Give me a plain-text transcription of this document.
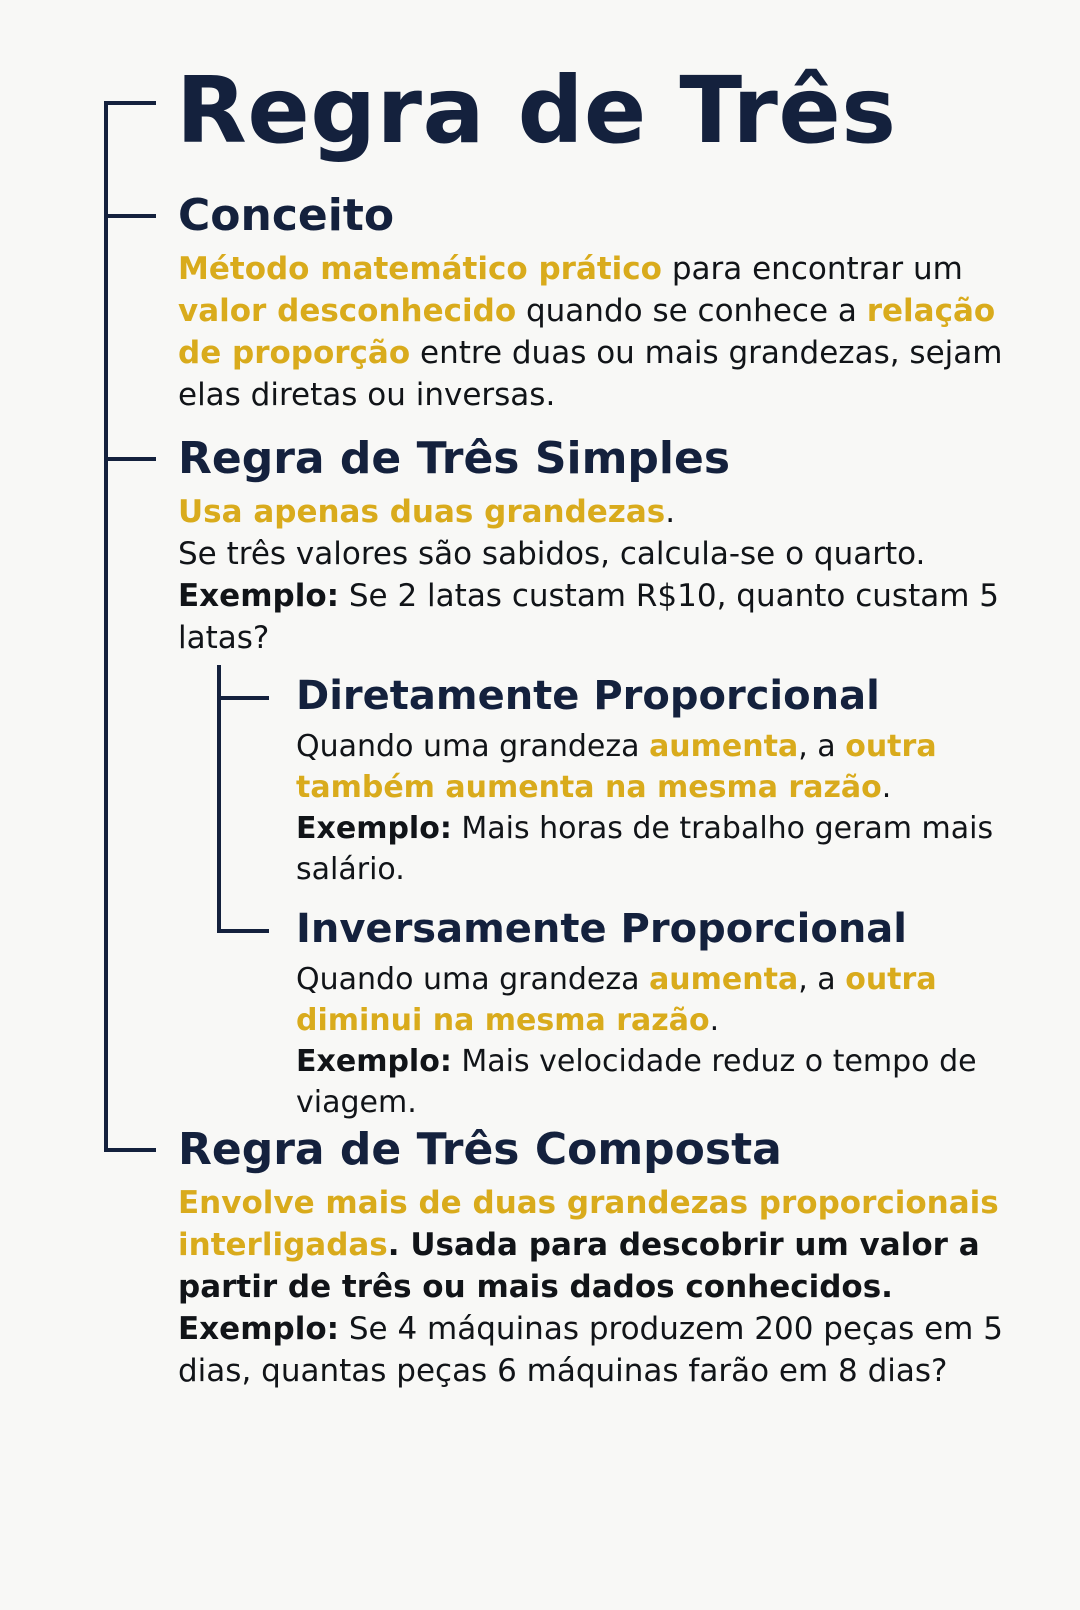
Regra de Três
Conceito

Método matemático prático para encontrar um valor desconhecido quando se conhece a relação de proporção entre duas ou mais grandezas, sejam elas diretas ou inversas.

Regra de Três Simples

Usa apenas duas grandezas.
Se três valores são sabidos, calcula-se o quarto.
Exemplo: Se 2 latas custam R$10, quanto custam 5 latas?

Diretamente Proporcional

Quando uma grandeza aumenta, a outra também aumenta na mesma razão.
Exemplo: Mais horas de trabalho geram mais salário.

Inversamente Proporcional

Quando uma grandeza aumenta, a outra diminui na mesma razão.
Exemplo: Mais velocidade reduz o tempo de viagem.

Regra de Três Composta

Envolve mais de duas grandezas proporcionais interligadas. Usada para descobrir um valor a partir de três ou mais dados conhecidos.
Exemplo: Se 4 máquinas produzem 200 peças em 5 dias, quantas peças 6 máquinas farão em 8 dias?
